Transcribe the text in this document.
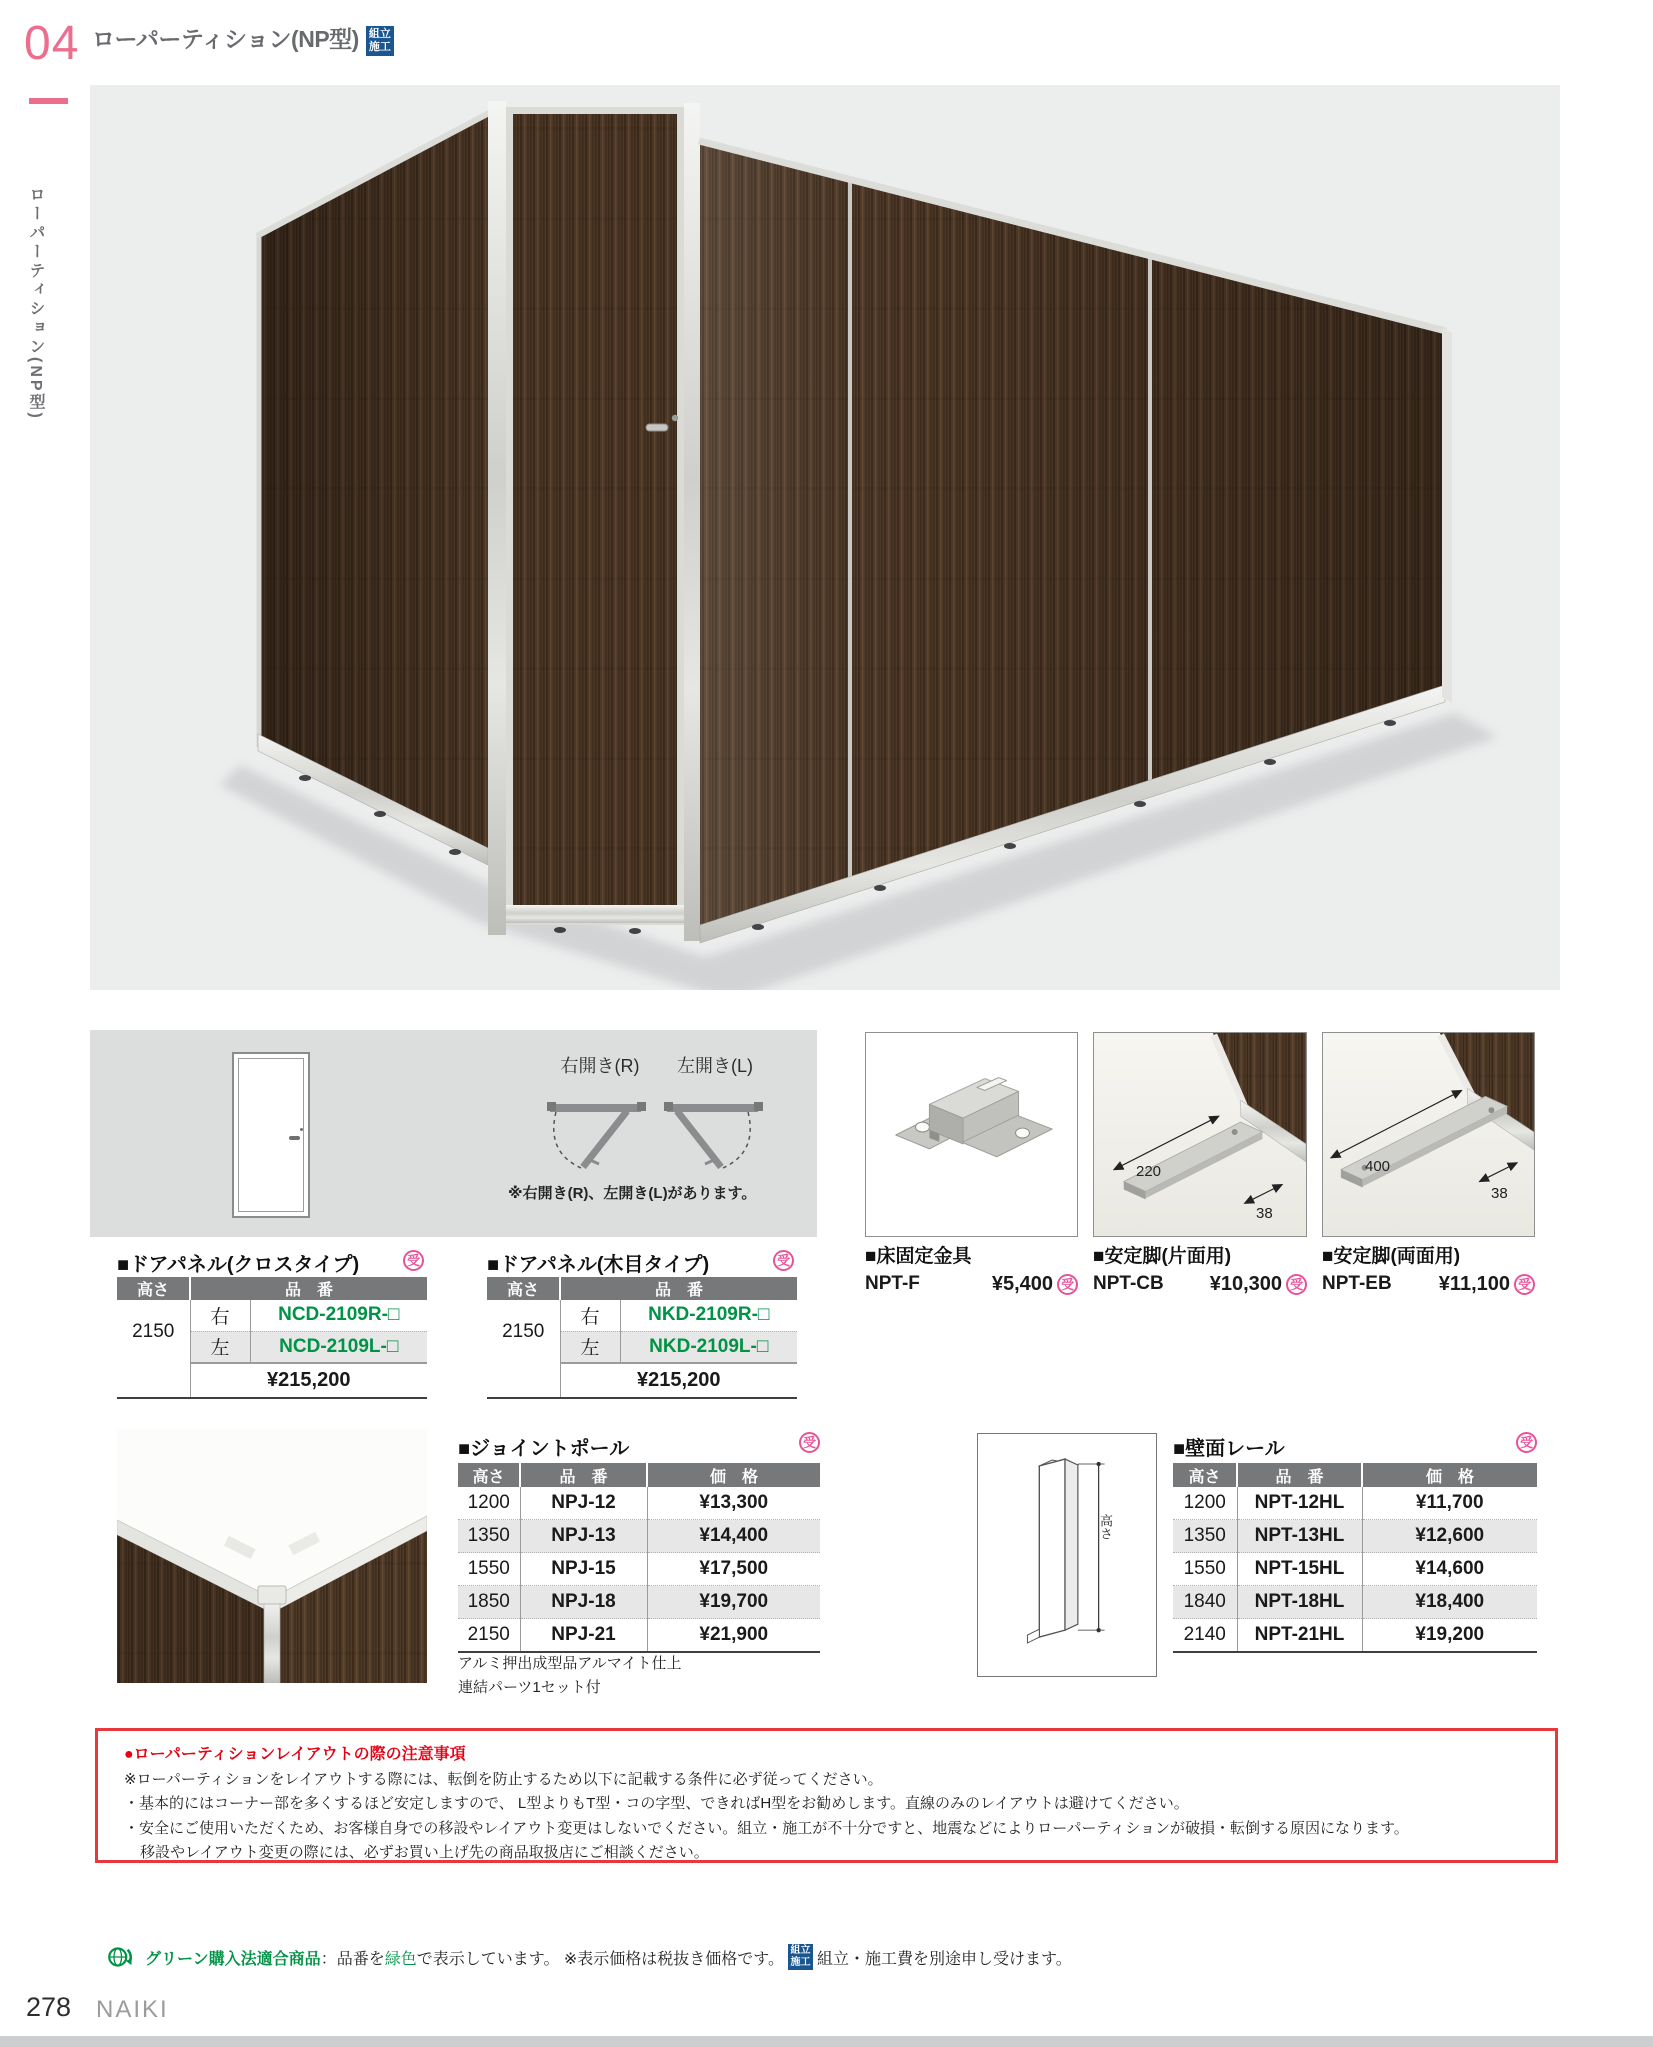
04
ローパーティション(NP型)
ローパーティション(NP型) 組立
施工
右開き(R)	左開き(L)
※右開き(R)、左開き(L)があります。
■ドアパネル(クロスタイプ)	受
高さ	品　番	
2150	右	NCD-2109R-□
	左	NCD-2109L-□
	¥215,200	
■ドアパネル(木目タイプ)	受
高さ	品　番	
2150	右	NKD-2109R-□
	左	NKD-2109L-□
	¥215,200	
■床固定金具
NPT-F	¥5,400 受
220
38
■安定脚(片面用)
NPT-CB ¥10,300 受
400
38
■安定脚(両面用)
NPT-EB ¥11,100 受
■ジョイントポール	受
高さ	品　番	価　格
1200	NPJ-12	¥13,300
1350	NPJ-13	¥14,400
1550	NPJ-15	¥17,500
1850	NPJ-18	¥19,700
2150	NPJ-21	¥21,900
アルミ押出成型品アルマイト仕上
連結パーツ1セット付
高さ
■壁面レール	受
高さ	品　番	価　格
1200	NPT-12HL	¥11,700
1350	NPT-13HL	¥12,600
1550	NPT-15HL	¥14,600
1840	NPT-18HL	¥18,400
2140	NPT-21HL	¥19,200
●ローパーティションレイアウトの際の注意事項
※ローパーティションをレイアウトする際には、転倒を防止するため以下に記載する条件に必ず従ってください。
・基本的にはコーナー部を多くするほど安定しますので、 L型よりもT型・コの字型、できればH型をお勧めします。直線のみのレイアウトは避けてください。
・安全にご使用いただくため、お客様自身での移設やレイアウト変更はしないでください。組立・施工が不十分ですと、地震などによりローパーティションが破損・転倒する原因になります。
移設やレイアウト変更の際には、必ずお買い上げ先の商品取扱店にご相談ください。
グリーン購入法適合商品 ：品番を 緑色 で表示しています。 ※表示価格は税抜き価格です。 組立
施工 組立・施工費を別途申し受けます。
278 NAIKI
